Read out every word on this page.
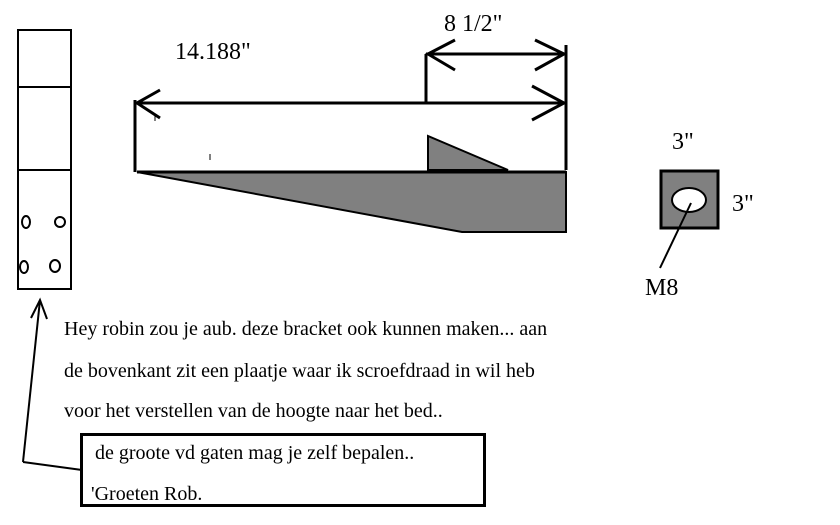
14.188"
8 1/2"
3"
3"
M8
Hey robin zou je aub. deze bracket ook kunnen maken... aan
de bovenkant zit een plaatje waar ik scroefdraad in wil heb
voor het verstellen van de hoogte naar het bed..
de groote vd gaten mag je zelf bepalen..
'Groeten Rob.
